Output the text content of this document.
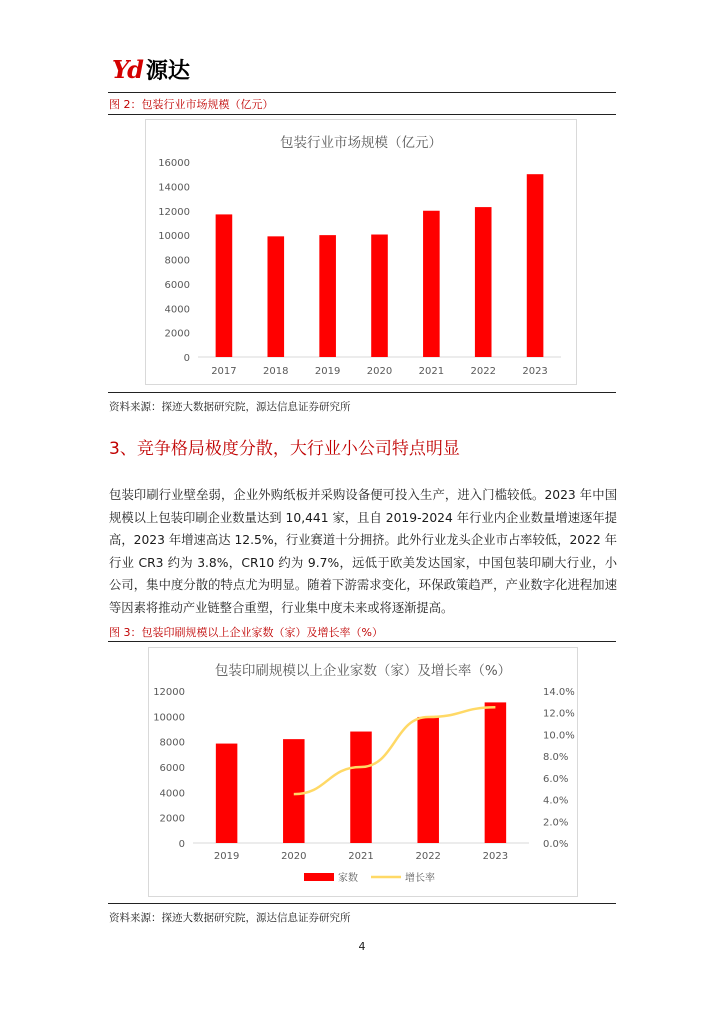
Yd 源达
图 2：包装行业市场规模（亿元）
包装行业市场规模（亿元）
0
2000
4000
6000
8000
10000
12000
14000
16000
2017	2018	2019	2020	2021	2022	2023
资料来源：探迹大数据研究院，源达信息证券研究所
3、竞争格局极度分散，大行业小公司特点明显

包装印刷行业壁垒弱，企业外购纸板并采购设备便可投入生产，进入门槛较低。2023 年中国规模以上包装印刷企业数量达到 10,441 家，且自 2019-2024 年行业内企业数量增速逐年提高，2023 年增速高达 12.5%，行业赛道十分拥挤。此外行业龙头企业市占率较低，2022 年行业 CR3 约为 3.8%，CR10 约为 9.7%，远低于欧美发达国家，中国包装印刷大行业，小公司，集中度分散的特点尤为明显。随着下游需求变化，环保政策趋严，产业数字化进程加速等因素将推动产业链整合重塑，行业集中度未来或将逐渐提高。

图 3：包装印刷规模以上企业家数（家）及增长率（%）
包装印刷规模以上企业家数（家）及增长率（%）
0
2000
4000
6000
8000
10000
12000
0.0%
2.0%
4.0%
6.0%
8.0%
10.0%
12.0%
14.0%
2019	2020	2021	2022	2023
家数	增长率
资料来源：探迹大数据研究院，源达信息证券研究所
4
